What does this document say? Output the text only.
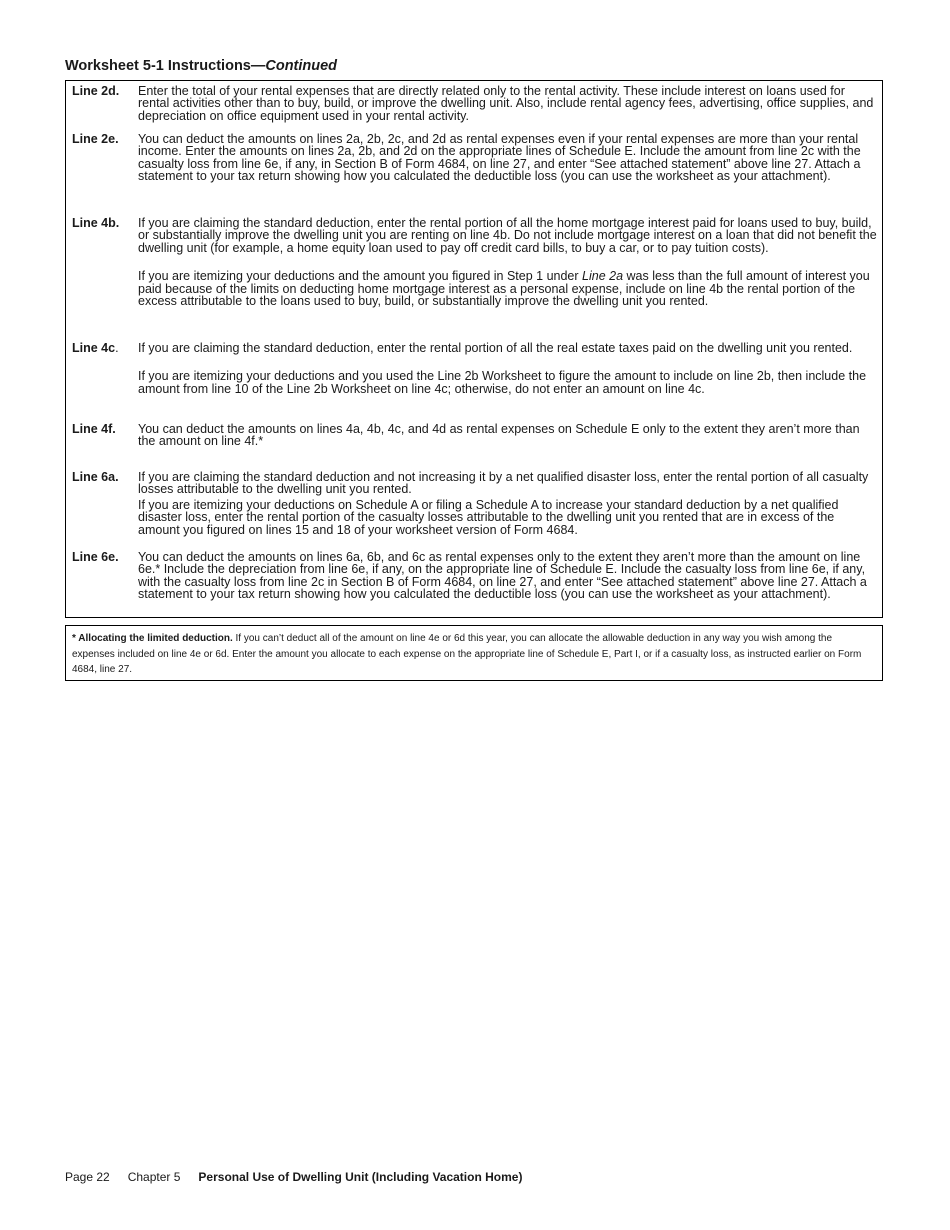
Worksheet 5-1 Instructions—Continued
Line 2d. Enter the total of your rental expenses that are directly related only to the rental activity. These include interest on loans used for rental activities other than to buy, build, or improve the dwelling unit. Also, include rental agency fees, advertising, office supplies, and depreciation on office equipment used in your rental activity.

Line 2e. You can deduct the amounts on lines 2a, 2b, 2c, and 2d as rental expenses even if your rental expenses are more than your rental income. Enter the amounts on lines 2a, 2b, and 2d on the appropriate lines of Schedule E. Include the amount from line 2c with the casualty loss from line 6e, if any, in Section B of Form 4684, on line 27, and enter “See attached statement” above line 27. Attach a statement to your tax return showing how you calculated the deductible loss (you can use the worksheet as your attachment).

Line 4b. If you are claiming the standard deduction, enter the rental portion of all the home mortgage interest paid for loans used to buy, build, or substantially improve the dwelling unit you are renting on line 4b. Do not include mortgage interest on a loan that did not benefit the dwelling unit (for example, a home equity loan used to pay off credit card bills, to buy a car, or to pay tuition costs).

If you are itemizing your deductions and the amount you figured in Step 1 under Line 2a was less than the full amount of interest you paid because of the limits on deducting home mortgage interest as a personal expense, include on line 4b the rental portion of the excess attributable to the loans used to buy, build, or substantially improve the dwelling unit you rented.

Line 4c. If you are claiming the standard deduction, enter the rental portion of all the real estate taxes paid on the dwelling unit you rented.

If you are itemizing your deductions and you used the Line 2b Worksheet to figure the amount to include on line 2b, then include the amount from line 10 of the Line 2b Worksheet on line 4c; otherwise, do not enter an amount on line 4c.

Line 4f. You can deduct the amounts on lines 4a, 4b, 4c, and 4d as rental expenses on Schedule E only to the extent they aren’t more than the amount on line 4f.*

Line 6a. If you are claiming the standard deduction and not increasing it by a net qualified disaster loss, enter the rental portion of all casualty losses attributable to the dwelling unit you rented.

If you are itemizing your deductions on Schedule A or filing a Schedule A to increase your standard deduction by a net qualified disaster loss, enter the rental portion of the casualty losses attributable to the dwelling unit you rented that are in excess of the amount you figured on lines 15 and 18 of your worksheet version of Form 4684.

Line 6e. You can deduct the amounts on lines 6a, 6b, and 6c as rental expenses only to the extent they aren’t more than the amount on line 6e.* Include the depreciation from line 6e, if any, on the appropriate line of Schedule E. Include the casualty loss from line 6e, if any, with the casualty loss from line 2c in Section B of Form 4684, on line 27, and enter “See attached statement” above line 27. Attach a statement to your tax return showing how you calculated the deductible loss (you can use the worksheet as your attachment).

* Allocating the limited deduction. If you can’t deduct all of the amount on line 4e or 6d this year, you can allocate the allowable deduction in any way you wish among the expenses included on line 4e or 6d. Enter the amount you allocate to each expense on the appropriate line of Schedule E, Part I, or if a casualty loss, as instructed earlier on Form 4684, line 27.
Page 22 Chapter 5 Personal Use of Dwelling Unit (Including Vacation Home)
